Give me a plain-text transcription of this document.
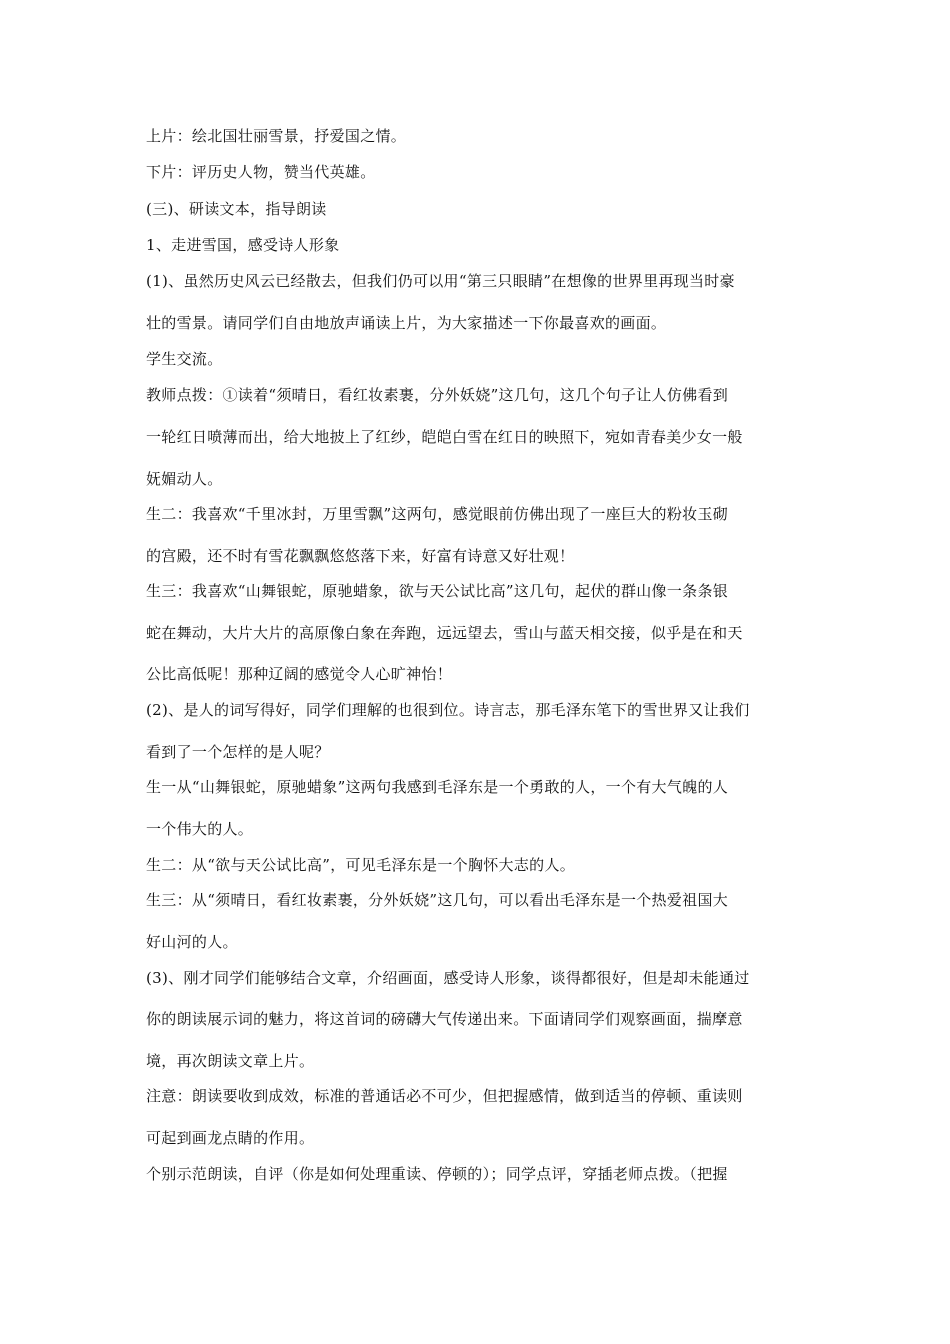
上片：绘北国壮丽雪景，抒爱国之情。
下片：评历史人物，赞当代英雄。
(三)、研读文本，指导朗读
1、走进雪国，感受诗人形象
(1)、虽然历史风云已经散去，但我们仍可以用“第三只眼睛”在想像的世界里再现当时豪
壮的雪景。请同学们自由地放声诵读上片，为大家描述一下你最喜欢的画面。
学生交流。
教师点拨：①读着“须晴日，看红妆素裹，分外妖娆”这几句，这几个句子让人仿佛看到
一轮红日喷薄而出，给大地披上了红纱，皑皑白雪在红日的映照下，宛如青春美少女一般
妩媚动人。
生二：我喜欢“千里冰封，万里雪飘”这两句，感觉眼前仿佛出现了一座巨大的粉妆玉砌
的宫殿，还不时有雪花飘飘悠悠落下来，好富有诗意又好壮观！
生三：我喜欢“山舞银蛇，原驰蜡象，欲与天公试比高”这几句，起伏的群山像一条条银
蛇在舞动，大片大片的高原像白象在奔跑，远远望去，雪山与蓝天相交接，似乎是在和天
公比高低呢！那种辽阔的感觉令人心旷神怡！
(2)、是人的词写得好，同学们理解的也很到位。诗言志，那毛泽东笔下的雪世界又让我们
看到了一个怎样的是人呢？
生一从“山舞银蛇，原驰蜡象”这两句我感到毛泽东是一个勇敢的人，一个有大气魄的人
一个伟大的人。
生二：从“欲与天公试比高”，可见毛泽东是一个胸怀大志的人。
生三：从“须晴日，看红妆素裹，分外妖娆”这几句，可以看出毛泽东是一个热爱祖国大
好山河的人。
(3)、刚才同学们能够结合文章，介绍画面，感受诗人形象，谈得都很好，但是却未能通过
你的朗读展示词的魅力，将这首词的磅礴大气传递出来。下面请同学们观察画面，揣摩意
境，再次朗读文章上片。
注意：朗读要收到成效，标准的普通话必不可少，但把握感情，做到适当的停顿、重读则
可起到画龙点睛的作用。
个别示范朗读，自评（你是如何处理重读、停顿的）；同学点评，穿插老师点拨。（把握
